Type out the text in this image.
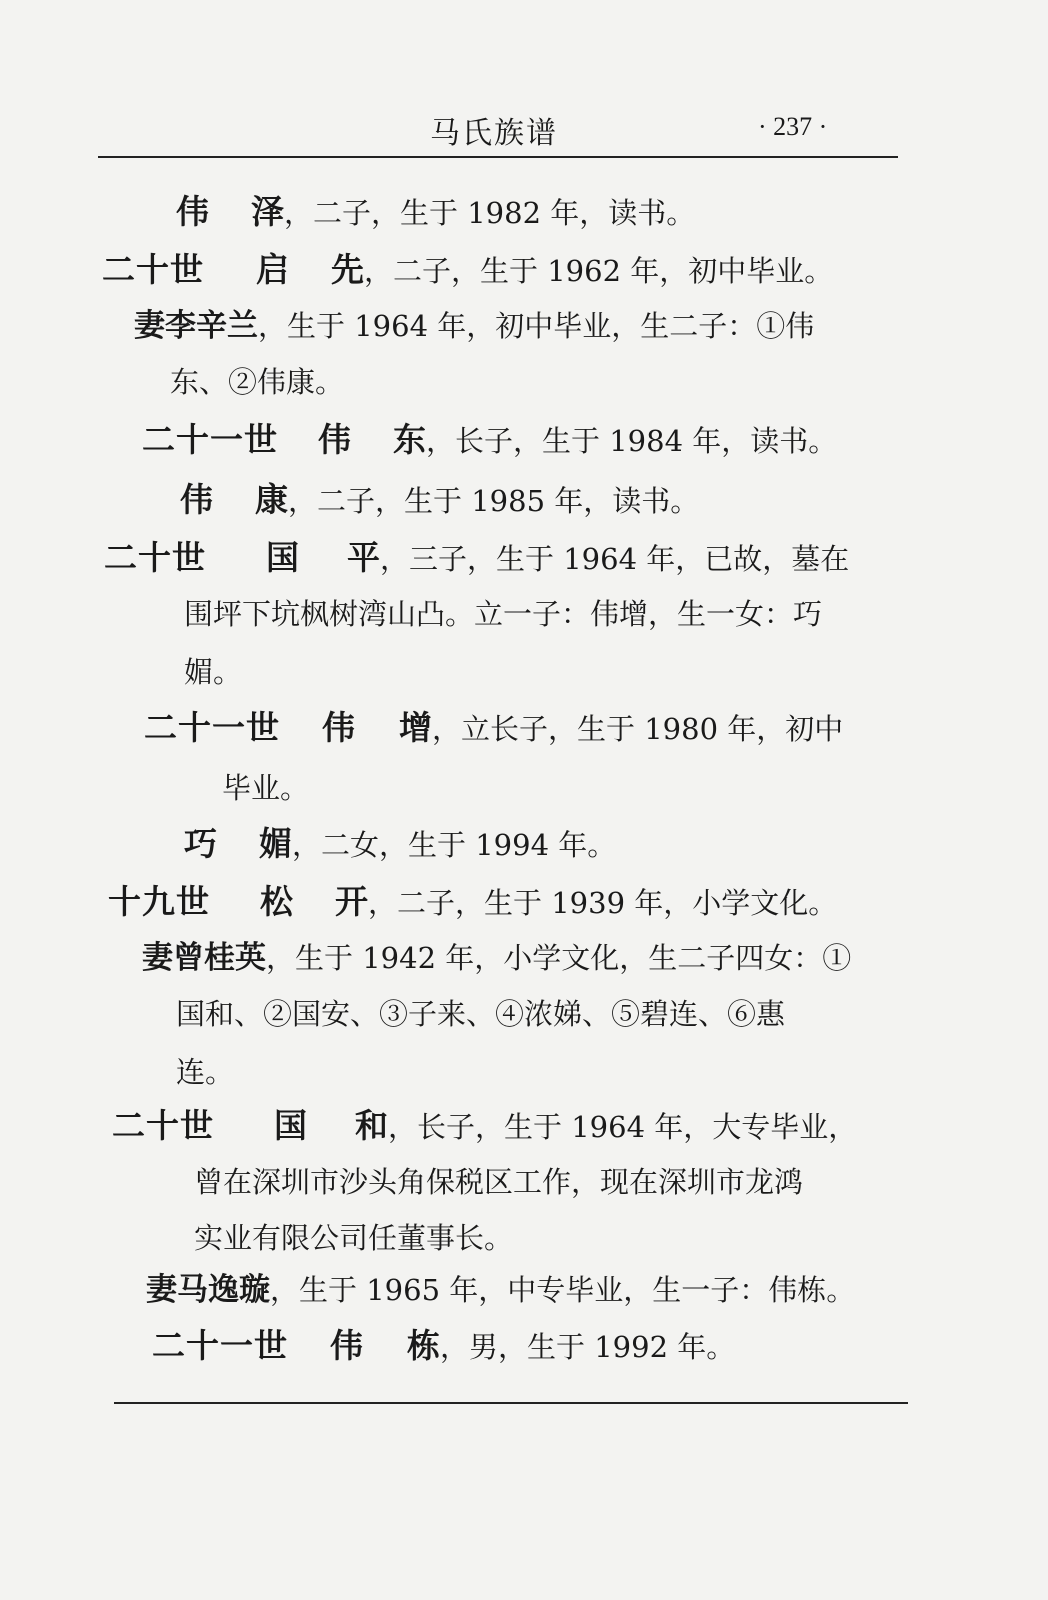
马氏族谱	· 237 ·
伟 泽，二子，生于 1982 年，读书。
二十世 启 先，二子，生于 1962 年，初中毕业。
妻李辛兰，生于 1964 年，初中毕业，生二子：①伟
东、②伟康。
二十一世 伟 东，长子，生于 1984 年，读书。
伟 康，二子，生于 1985 年，读书。
二十世 国 平，三子，生于 1964 年，已故，墓在
围坪下坑枫树湾山凸。立一子：伟增，生一女：巧
媚。
二十一世 伟 增，立长子，生于 1980 年，初中
毕业。
巧 媚，二女，生于 1994 年。
十九世 松 开，二子，生于 1939 年，小学文化。
妻曾桂英，生于 1942 年，小学文化，生二子四女：①
国和、②国安、③子来、④浓娣、⑤碧连、⑥惠
连。
二十世 国 和，长子，生于 1964 年，大专毕业，
曾在深圳市沙头角保税区工作，现在深圳市龙鸿
实业有限公司任董事长。
妻马逸璇，生于 1965 年，中专毕业，生一子：伟栋。
二十一世 伟 栋，男，生于 1992 年。
